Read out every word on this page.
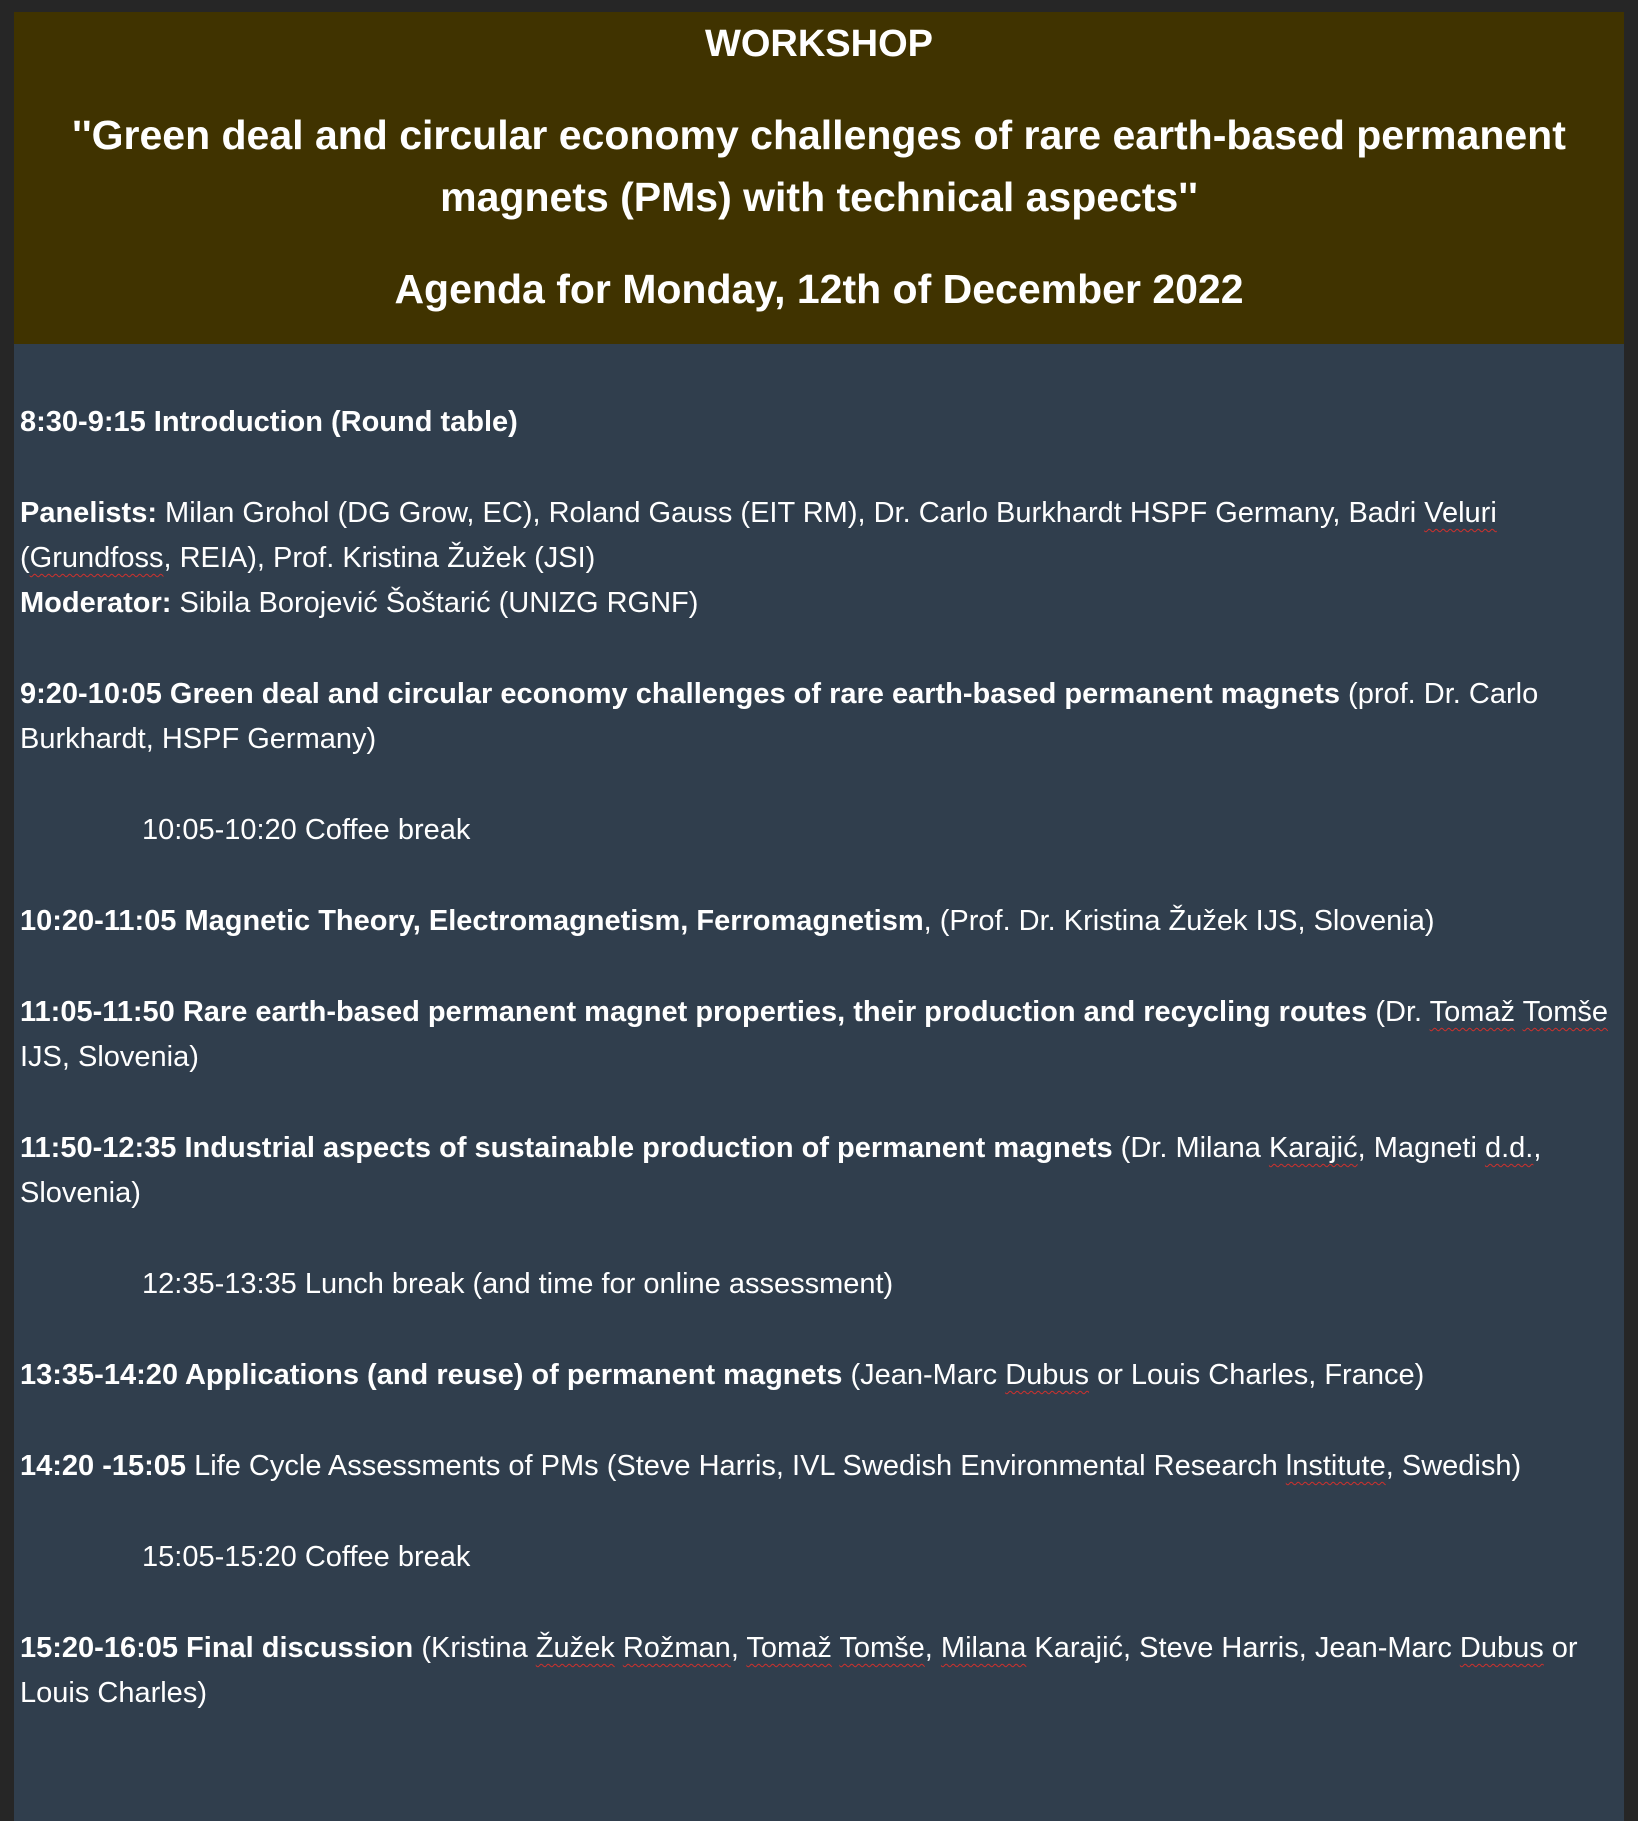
WORKSHOP
''Green deal and circular economy challenges of rare earth-based permanent magnets (PMs) with technical aspects''
Agenda for Monday, 12th of December 2022
8:30-9:15 Introduction (Round table)
Panelists: Milan Grohol (DG Grow, EC), Roland Gauss (EIT RM), Dr. Carlo Burkhardt HSPF Germany, Badri Veluri (Grundfoss, REIA), Prof. Kristina Žužek (JSI)
Moderator: Sibila Borojević Šoštarić (UNIZG RGNF)
9:20-10:05 Green deal and circular economy challenges of rare earth-based permanent magnets (prof. Dr. Carlo Burkhardt, HSPF Germany)
10:05-10:20 Coffee break
10:20-11:05 Magnetic Theory, Electromagnetism, Ferromagnetism, (Prof. Dr. Kristina Žužek IJS, Slovenia)
11:05-11:50 Rare earth-based permanent magnet properties, their production and recycling routes (Dr. Tomaž Tomše IJS, Slovenia)
11:50-12:35 Industrial aspects of sustainable production of permanent magnets (Dr. Milana Karajić, Magneti d.d., Slovenia)
12:35-13:35 Lunch break (and time for online assessment)
13:35-14:20 Applications (and reuse) of permanent magnets (Jean-Marc Dubus or Louis Charles, France)
14:20 -15:05 Life Cycle Assessments of PMs (Steve Harris, IVL Swedish Environmental Research lnstitute, Swedish)
15:05-15:20 Coffee break
15:20-16:05 Final discussion (Kristina Žužek Rožman, Tomaž Tomše, Milana Karajić, Steve Harris, Jean-Marc Dubus or Louis Charles)
